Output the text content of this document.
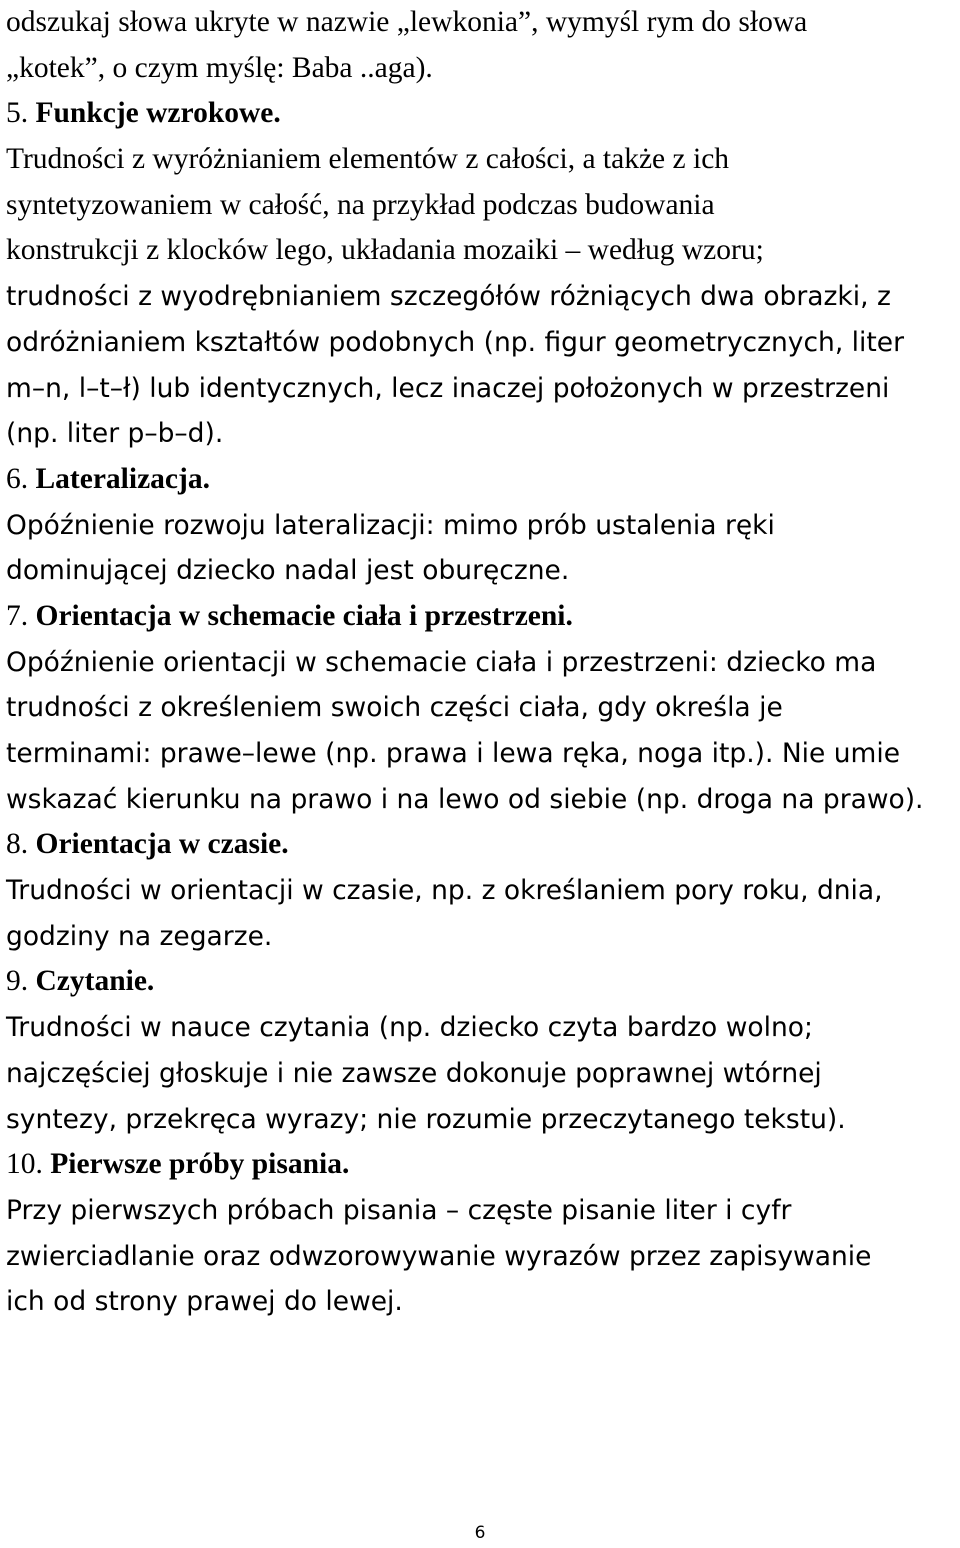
odszukaj słowa ukryte w nazwie „lewkonia”, wymyśl rym do słowa
„kotek”, o czym myślę: Baba ..aga).
5. Funkcje wzrokowe.
Trudności z wyróżnianiem elementów z całości, a także z ich
syntetyzowaniem w całość, na przykład podczas budowania
konstrukcji z klocków lego, układania mozaiki – według wzoru;
trudności z wyodrębnianiem szczegółów różniących dwa obrazki, z
odróżnianiem kształtów podobnych (np. figur geometrycznych, liter
m–n, l–t–ł) lub identycznych, lecz inaczej położonych w przestrzeni
(np. liter p–b–d).
6. Lateralizacja.
Opóźnienie rozwoju lateralizacji: mimo prób ustalenia ręki
dominującej dziecko nadal jest oburęczne.
7. Orientacja w schemacie ciała i przestrzeni.
Opóźnienie orientacji w schemacie ciała i przestrzeni: dziecko ma
trudności z określeniem swoich części ciała, gdy określa je
terminami: prawe–lewe (np. prawa i lewa ręka, noga itp.). Nie umie
wskazać kierunku na prawo i na lewo od siebie (np. droga na prawo).
8. Orientacja w czasie.
Trudności w orientacji w czasie, np. z określaniem pory roku, dnia,
godziny na zegarze.
9. Czytanie.
Trudności w nauce czytania (np. dziecko czyta bardzo wolno;
najczęściej głoskuje i nie zawsze dokonuje poprawnej wtórnej
syntezy, przekręca wyrazy; nie rozumie przeczytanego tekstu).
10. Pierwsze próby pisania.
Przy pierwszych próbach pisania – częste pisanie liter i cyfr
zwierciadlanie oraz odwzorowywanie wyrazów przez zapisywanie
ich od strony prawej do lewej.
6
